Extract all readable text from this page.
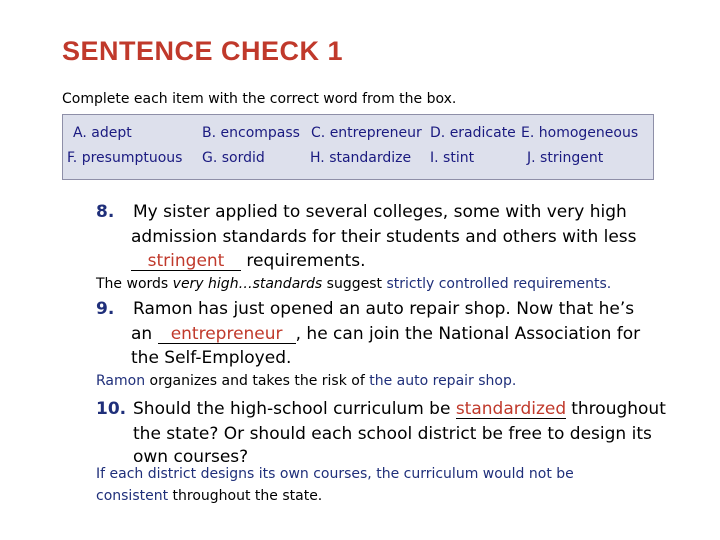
SENTENCE CHECK 1
Complete each item with the correct word from the box.
A. adept	B. encompass C. entrepreneur D. eradicate E. homogeneous
F. presumptuous G. sordid	H. standardize I. stint	J. stringent
8. My sister applied to several colleges, some with very high
admission standards for their students and others with less
stringent requirements.
The words very high…standards suggest strictly controlled requirements.
9. Ramon has just opened an auto repair shop. Now that he’s
an entrepreneur , he can join the National Association for
the Self-Employed.
Ramon organizes and takes the risk of the auto repair shop.
10. Should the high-school curriculum be standardized throughout
the state? Or should each school district be free to design its
own courses?
If each district designs its own courses, the curriculum would not be
consistent throughout the state.
